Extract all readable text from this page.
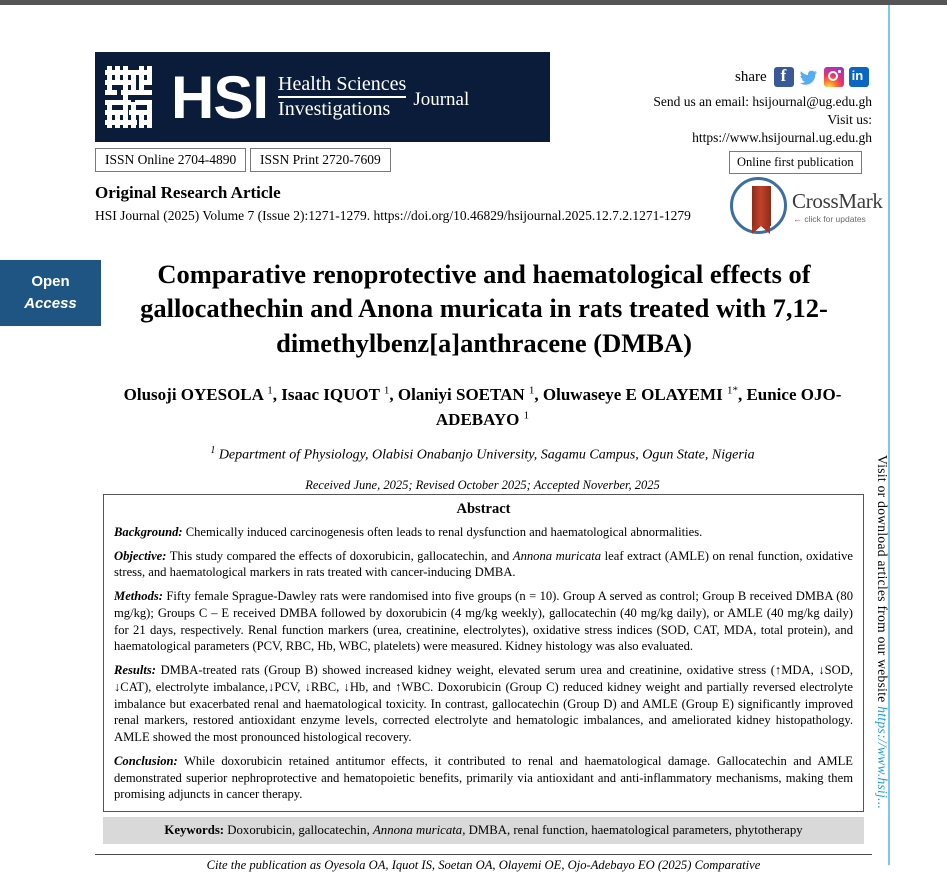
HSI Health Sciences
Investigations	Journal
share
f
in
Send us an email: hsijournal@ug.edu.gh
Visit us: https://www.hsijournal.ug.edu.gh
ISSN Online 2704-4890	ISSN Print 2720-7609	Online first publication
Original Research Article
HSI Journal (2025) Volume 7 (Issue 2):1271-1279. https://doi.org/10.46829/hsijournal.2025.12.7.2.1271-1279
CrossMark
← click for updates
Open
Access
Comparative renoprotective and haematological effects of gallocathechin and Anona muricata in rats treated with 7,12-dimethylbenz[a]anthracene (DMBA)
Olusoji OYESOLA $^1$, Isaac IQUOT $^1$, Olaniyi SOETAN $^1$, Oluwaseye E OLAYEMI $^{1*}$, Eunice OJO-ADEBAYO $^1$
$^1$ Department of Physiology, Olabisi Onabanjo University, Sagamu Campus, Ogun State, Nigeria
Received June, 2025; Revised October 2025; Accepted Noverber, 2025
Abstract

Background: Chemically induced carcinogenesis often leads to renal dysfunction and haematological abnormalities.

Objective: This study compared the effects of doxorubicin, gallocatechin, and Annona muricata leaf extract (AMLE) on renal function, oxidative stress, and haematological markers in rats treated with cancer-inducing DMBA.

Methods: Fifty female Sprague-Dawley rats were randomised into five groups (n = 10). Group A served as control; Group B received DMBA (80 mg/kg); Groups C – E received DMBA followed by doxorubicin (4 mg/kg weekly), gallocatechin (40 mg/kg daily), or AMLE (40 mg/kg daily) for 21 days, respectively. Renal function markers (urea, creatinine, electrolytes), oxidative stress indices (SOD, CAT, MDA, total protein), and haematological parameters (PCV, RBC, Hb, WBC, platelets) were measured. Kidney histology was also evaluated.

Results: DMBA-treated rats (Group B) showed increased kidney weight, elevated serum urea and creatinine, oxidative stress (↑MDA, ↓SOD, ↓CAT), electrolyte imbalance,↓PCV, ↓RBC, ↓Hb, and ↑WBC. Doxorubicin (Group C) reduced kidney weight and partially reversed electrolyte imbalance but exacerbated renal and haematological toxicity. In contrast, gallocatechin (Group D) and AMLE (Group E) significantly improved renal markers, restored antioxidant enzyme levels, corrected electrolyte and hematologic imbalances, and ameliorated kidney histopathology. AMLE showed the most pronounced histological recovery.

Conclusion: While doxorubicin retained antitumor effects, it contributed to renal and haematological damage. Gallocatechin and AMLE demonstrated superior nephroprotective and hematopoietic benefits, primarily via antioxidant and anti-inflammatory mechanisms, making them promising adjuncts in cancer therapy.

Keywords: Doxorubicin, gallocatechin, Annona muricata, DMBA, renal function, haematological parameters, phytotherapy
Cite the publication as Oyesola OA, Iquot IS, Soetan OA, Olayemi OE, Ojo-Adebayo EO (2025) Comparative
Visit or download articles from our website https://www.hsij...
